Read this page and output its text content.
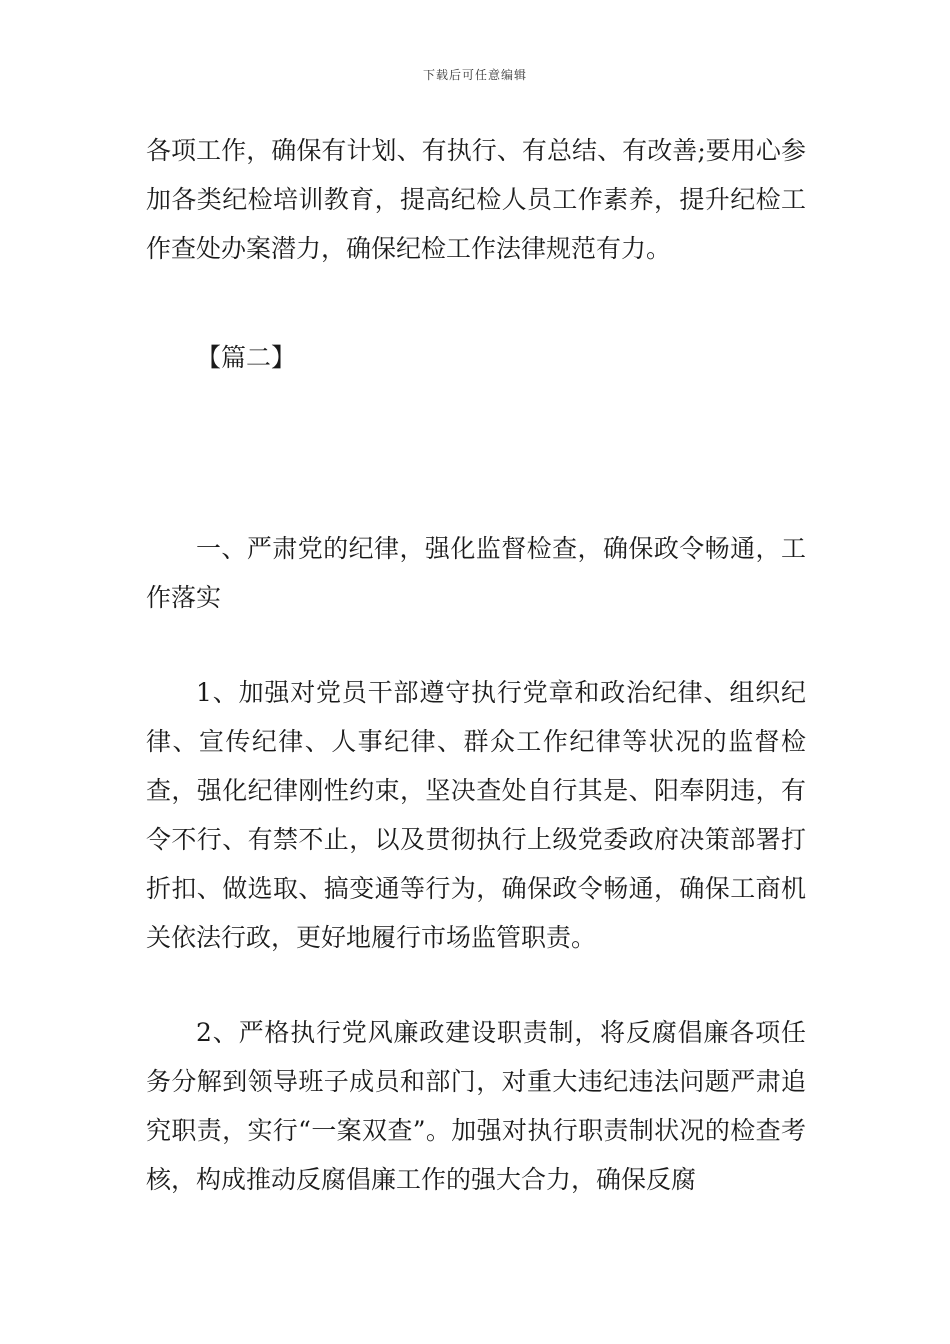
下载后可任意编辑

各项工作，确保有计划、有执行、有总结、有改善;要用心参加各类纪检培训教育，提高纪检人员工作素养，提升纪检工作查处办案潜力，确保纪检工作法律规范有力。

【篇二】

一、严肃党的纪律，强化监督检查，确保政令畅通，工作落实

1、加强对党员干部遵守执行党章和政治纪律、组织纪律、宣传纪律、人事纪律、群众工作纪律等状况的监督检查，强化纪律刚性约束，坚决查处自行其是、阳奉阴违，有令不行、有禁不止，以及贯彻执行上级党委政府决策部署打折扣、做选取、搞变通等行为，确保政令畅通，确保工商机关依法行政，更好地履行市场监管职责。

2、严格执行党风廉政建设职责制，将反腐倡廉各项任务分解到领导班子成员和部门，对重大违纪违法问题严肃追究职责，实行“一案双查”。加强对执行职责制状况的检查考核，构成推动反腐倡廉工作的强大合力，确保反腐
